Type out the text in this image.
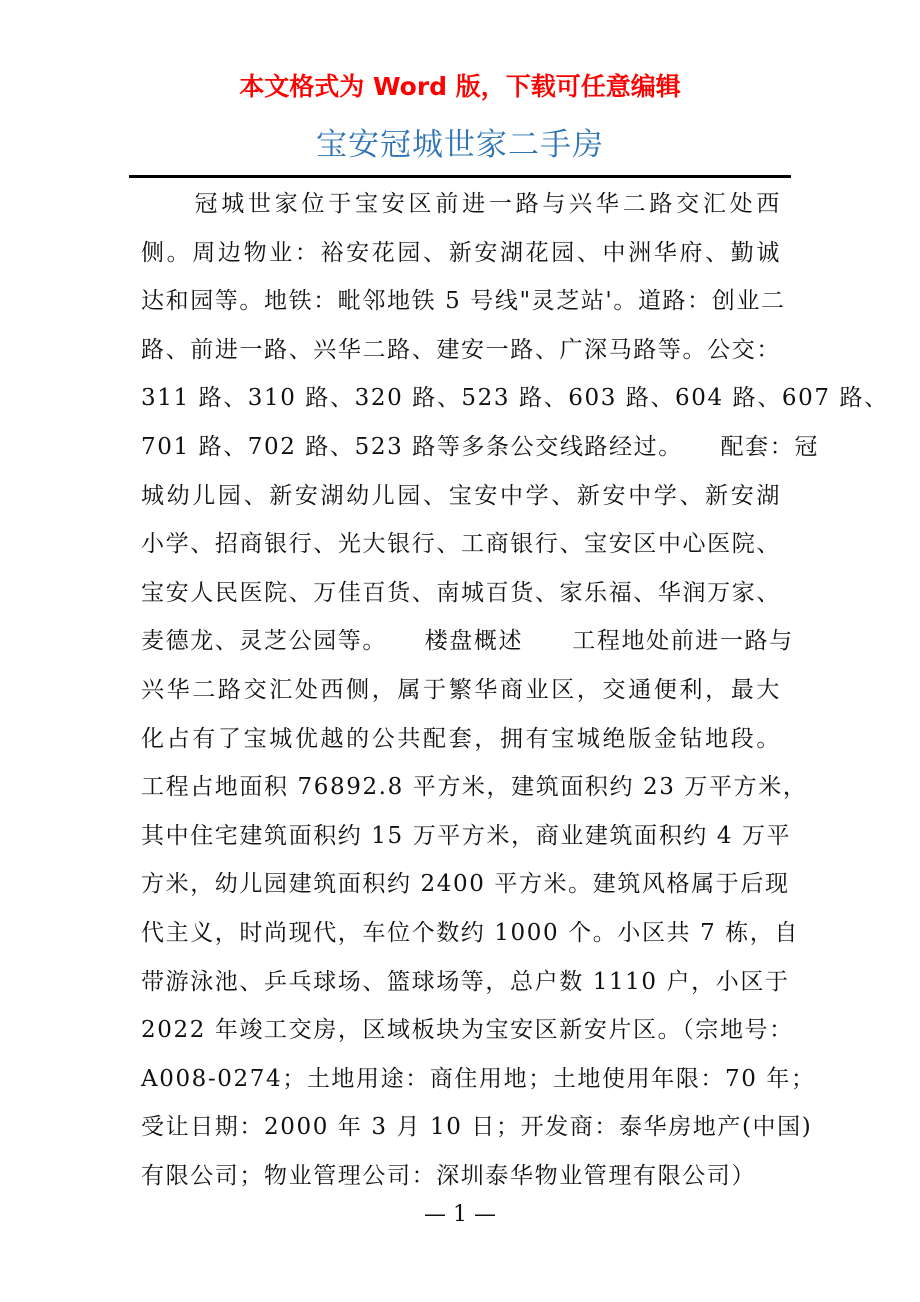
本文格式为 Word 版，下载可任意编辑
宝安冠城世家二手房
　　冠城世家位于宝安区前进一路与兴华二路交汇处西
侧。周边物业：裕安花园、新安湖花园、中洲华府、勤诚
达和园等。地铁：毗邻地铁 5 号线"灵芝站'。道路：创业二
路、前进一路、兴华二路、建安一路、广深马路等。公交：
311 路、310 路、320 路、523 路、603 路、604 路、607 路、
701 路、702 路、523 路等多条公交线路经过。　　配套：冠
城幼儿园、新安湖幼儿园、宝安中学、新安中学、新安湖
小学、招商银行、光大银行、工商银行、宝安区中心医院、
宝安人民医院、万佳百货、南城百货、家乐福、华润万家、
麦德龙、灵芝公园等。　　楼盘概述　　工程地处前进一路与
兴华二路交汇处西侧，属于繁华商业区，交通便利，最大
化占有了宝城优越的公共配套，拥有宝城绝版金钻地段。
工程占地面积 76892.8 平方米，建筑面积约 23 万平方米，
其中住宅建筑面积约 15 万平方米，商业建筑面积约 4 万平
方米，幼儿园建筑面积约 2400 平方米。建筑风格属于后现
代主义，时尚现代，车位个数约 1000 个。小区共 7 栋，自
带游泳池、乒乓球场、篮球场等，总户数 1110 户，小区于
2022 年竣工交房，区域板块为宝安区新安片区。（宗地号：
A008-0274；土地用途：商住用地；土地使用年限：70 年；
受让日期：2000 年 3 月 10 日；开发商：泰华房地产(中国)
有限公司；物业管理公司：深圳泰华物业管理有限公司）
— 1 —
